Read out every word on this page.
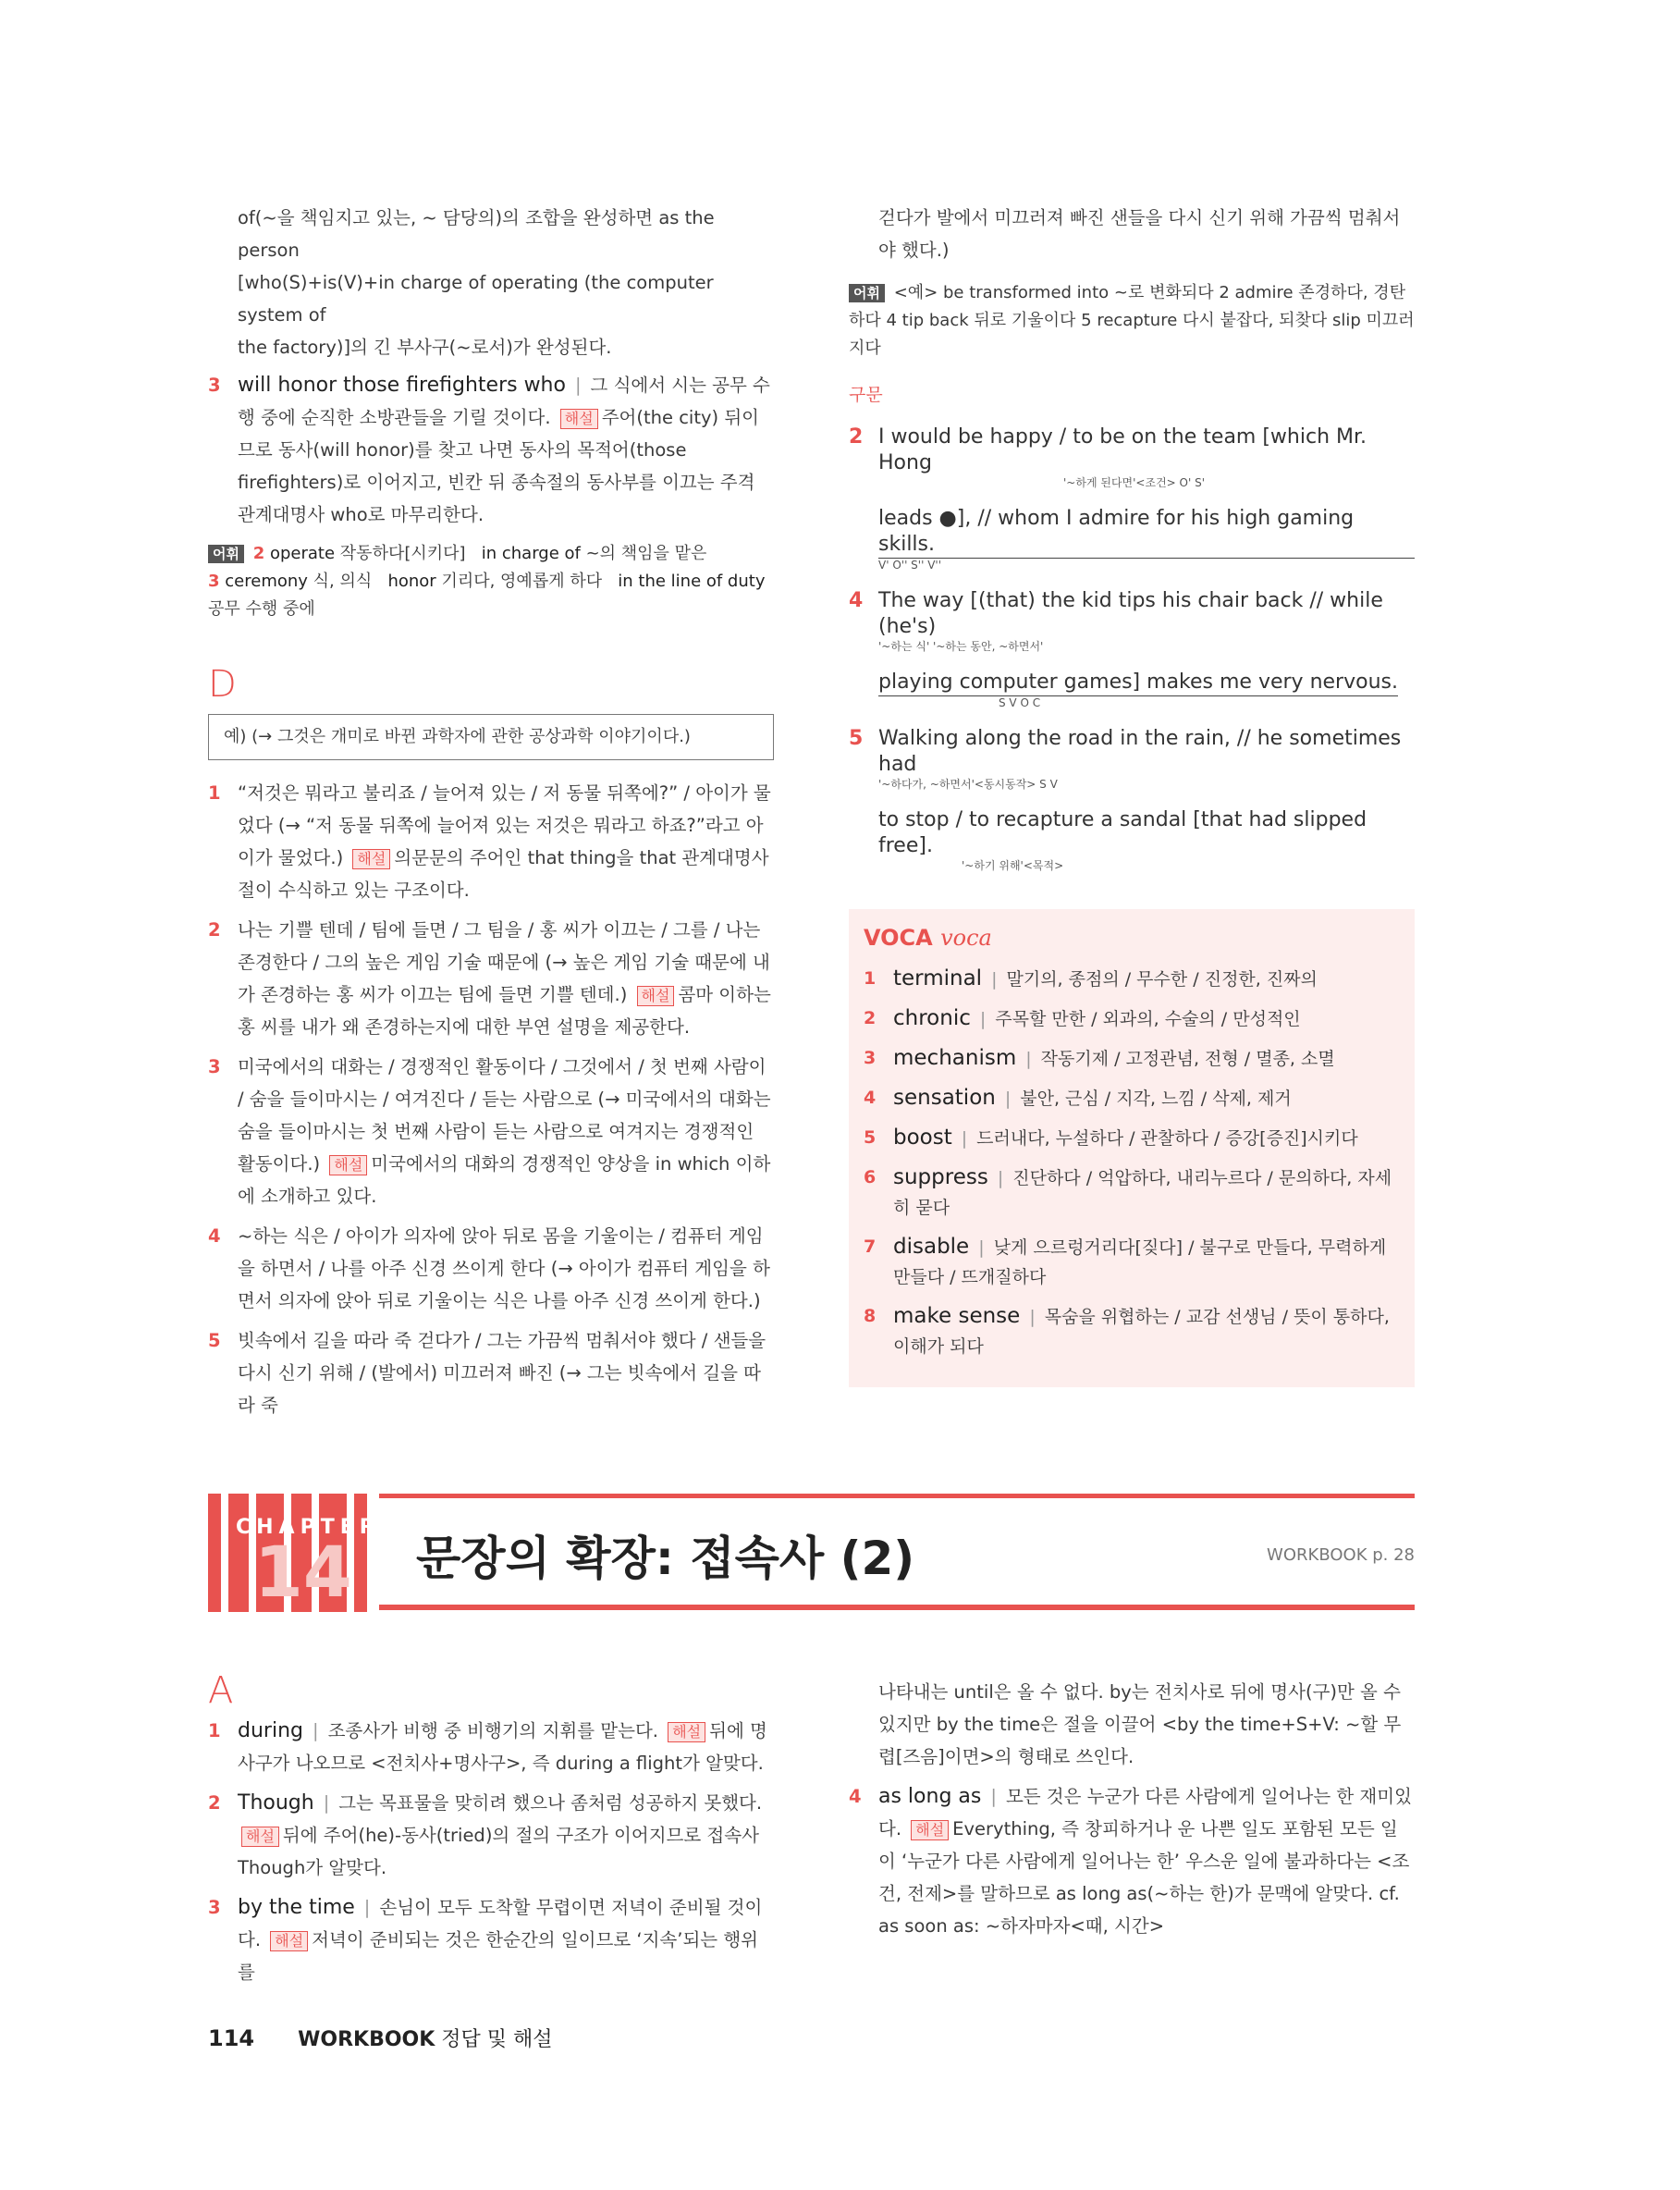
of(~을 책임지고 있는, ~ 담당의)의 조합을 완성하면 as the person
[who(S)+is(V)+in charge of operating (the computer system of
the factory)]의 긴 부사구(~로서)가 완성된다.
3 will honor those firefighters who | 그 식에서 시는 공무 수행 중에 순직한 소방관들을 기릴 것이다. 해설 주어(the city) 뒤이므로 동사(will honor)를 찾고 나면 동사의 목적어(those firefighters)로 이어지고, 빈칸 뒤 종속절의 동사부를 이끄는 주격 관계대명사 who로 마무리한다.
어휘 2 operate 작동하다[시키다] in charge of ~의 책임을 맡은
3 ceremony 식, 의식 honor 기리다, 영예롭게 하다 in the line of duty
공무 수행 중에
D
예) (→ 그것은 개미로 바뀐 과학자에 관한 공상과학 이야기이다.)
1 “저것은 뭐라고 불리죠 / 늘어져 있는 / 저 동물 뒤쪽에?” / 아이가 물었다 (→ “저 동물 뒤쪽에 늘어져 있는 저것은 뭐라고 하죠?”라고 아이가 물었다.) 해설 의문문의 주어인 that thing을 that 관계대명사절이 수식하고 있는 구조이다.
2 나는 기쁠 텐데 / 팀에 들면 / 그 팀을 / 홍 씨가 이끄는 / 그를 / 나는 존경한다 / 그의 높은 게임 기술 때문에 (→ 높은 게임 기술 때문에 내가 존경하는 홍 씨가 이끄는 팀에 들면 기쁠 텐데.) 해설 콤마 이하는 홍 씨를 내가 왜 존경하는지에 대한 부연 설명을 제공한다.
3 미국에서의 대화는 / 경쟁적인 활동이다 / 그것에서 / 첫 번째 사람이 / 숨을 들이마시는 / 여겨진다 / 듣는 사람으로 (→ 미국에서의 대화는 숨을 들이마시는 첫 번째 사람이 듣는 사람으로 여겨지는 경쟁적인 활동이다.) 해설 미국에서의 대화의 경쟁적인 양상을 in which 이하에 소개하고 있다.
4 ~하는 식은 / 아이가 의자에 앉아 뒤로 몸을 기울이는 / 컴퓨터 게임을 하면서 / 나를 아주 신경 쓰이게 한다 (→ 아이가 컴퓨터 게임을 하면서 의자에 앉아 뒤로 기울이는 식은 나를 아주 신경 쓰이게 한다.)
5 빗속에서 길을 따라 죽 걷다가 / 그는 가끔씩 멈춰서야 했다 / 샌들을 다시 신기 위해 / (발에서) 미끄러져 빠진 (→ 그는 빗속에서 길을 따라 죽
걷다가 발에서 미끄러져 빠진 샌들을 다시 신기 위해 가끔씩 멈춰서야 했다.)
어휘 <예> be transformed into ~로 변화되다 2 admire 존경하다, 경탄하다 4 tip back 뒤로 기울이다 5 recapture 다시 붙잡다, 되찾다 slip 미끄러지다
구문
2 I would be happy / to be on the team [which Mr. Hong
'~하게 된다면'<조건> O' S'
leads ●], // whom I admire for his high gaming skills.
V' O'' S'' V''
4 The way [(that) the kid tips his chair back // while (he's)
'~하는 식' '~하는 동안, ~하면서'
playing computer games] makes me very nervous.
S V O C
5 Walking along the road in the rain, // he sometimes had
'~하다가, ~하면서'<동시동작> S V
to stop / to recapture a sandal [that had slipped free].
'~하기 위해'<목적>
VOCA voca
1 terminal | 말기의, 종점의 / 무수한 / 진정한, 진짜의
2 chronic | 주목할 만한 / 외과의, 수술의 / 만성적인
3 mechanism | 작동기제 / 고정관념, 전형 / 멸종, 소멸
4 sensation | 불안, 근심 / 지각, 느낌 / 삭제, 제거
5 boost | 드러내다, 누설하다 / 관찰하다 / 증강[증진]시키다
6 suppress | 진단하다 / 억압하다, 내리누르다 / 문의하다, 자세히 묻다
7 disable | 낮게 으르렁거리다[짖다] / 불구로 만들다, 무력하게 만들다 / 뜨개질하다
8 make sense | 목숨을 위협하는 / 교감 선생님 / 뜻이 통하다, 이해가 되다
14
CHAPTER
문장의 확장: 접속사 (2)	WORKBOOK p. 28
A
1 during | 조종사가 비행 중 비행기의 지휘를 맡는다. 해설 뒤에 명사구가 나오므로 <전치사+명사구>, 즉 during a flight가 알맞다.
2 Though | 그는 목표물을 맞히려 했으나 좀처럼 성공하지 못했다. 해설 뒤에 주어(he)-동사(tried)의 절의 구조가 이어지므로 접속사 Though가 알맞다.
3 by the time | 손님이 모두 도착할 무렵이면 저녁이 준비될 것이다. 해설 저녁이 준비되는 것은 한순간의 일이므로 ‘지속’되는 행위를
나타내는 until은 올 수 없다. by는 전치사로 뒤에 명사(구)만 올 수 있지만 by the time은 절을 이끌어 <by the time+S+V: ~할 무렵[즈음]이면>의 형태로 쓰인다.
4 as long as | 모든 것은 누군가 다른 사람에게 일어나는 한 재미있다. 해설 Everything, 즉 창피하거나 운 나쁜 일도 포함된 모든 일이 ‘누군가 다른 사람에게 일어나는 한’ 우스운 일에 불과하다는 <조건, 전제>를 말하므로 as long as(~하는 한)가 문맥에 알맞다. cf. as soon as: ~하자마자<때, 시간>
114 WORKBOOK 정답 및 해설
